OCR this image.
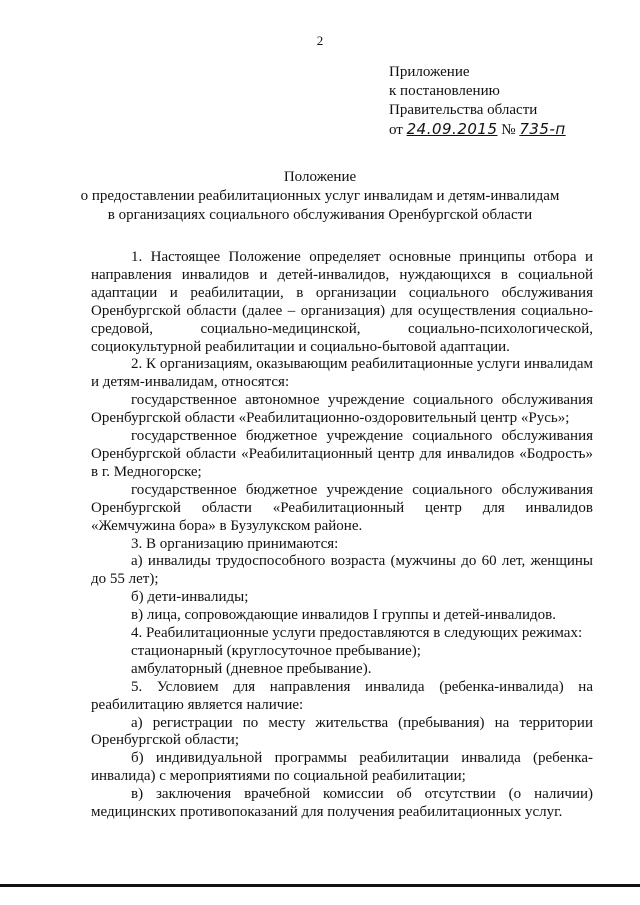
2
Приложение
к постановлению
Правительства области
от 24.09.2015 № 735-п
Положение
о предоставлении реабилитационных услуг инвалидам и детям-инвалидам
в организациях социального обслуживания Оренбургской области

1. Настоящее Положение определяет основные принципы отбора и направления инвалидов и детей-инвалидов, нуждающихся в социальной адаптации и реабилитации, в организации социального обслуживания Оренбургской области (далее – организация) для осуществления социально-средовой, социально-медицинской, социально-психологической, социокультурной реабилитации и социально-бытовой адаптации.

2. К организациям, оказывающим реабилитационные услуги инвалидам и детям-инвалидам, относятся:

государственное автономное учреждение социального обслуживания Оренбургской области «Реабилитационно-оздоровительный центр «Русь»;

государственное бюджетное учреждение социального обслуживания Оренбургской области «Реабилитационный центр для инвалидов «Бодрость» в г. Медногорске;

государственное бюджетное учреждение социального обслуживания Оренбургской области «Реабилитационный центр для инвалидов «Жемчужина бора» в Бузулукском районе.

3. В организацию принимаются:

а) инвалиды трудоспособного возраста (мужчины до 60 лет, женщины до 55 лет);

б) дети-инвалиды;

в) лица, сопровождающие инвалидов I группы и детей-инвалидов.

4. Реабилитационные услуги предоставляются в следующих режимах:

стационарный (круглосуточное пребывание);

амбулаторный (дневное пребывание).

5. Условием для направления инвалида (ребенка-инвалида) на реабилитацию является наличие:

а) регистрации по месту жительства (пребывания) на территории Оренбургской области;

б) индивидуальной программы реабилитации инвалида (ребенка-инвалида) с мероприятиями по социальной реабилитации;

в) заключения врачебной комиссии об отсутствии (о наличии) медицинских противопоказаний для получения реабилитационных услуг.
